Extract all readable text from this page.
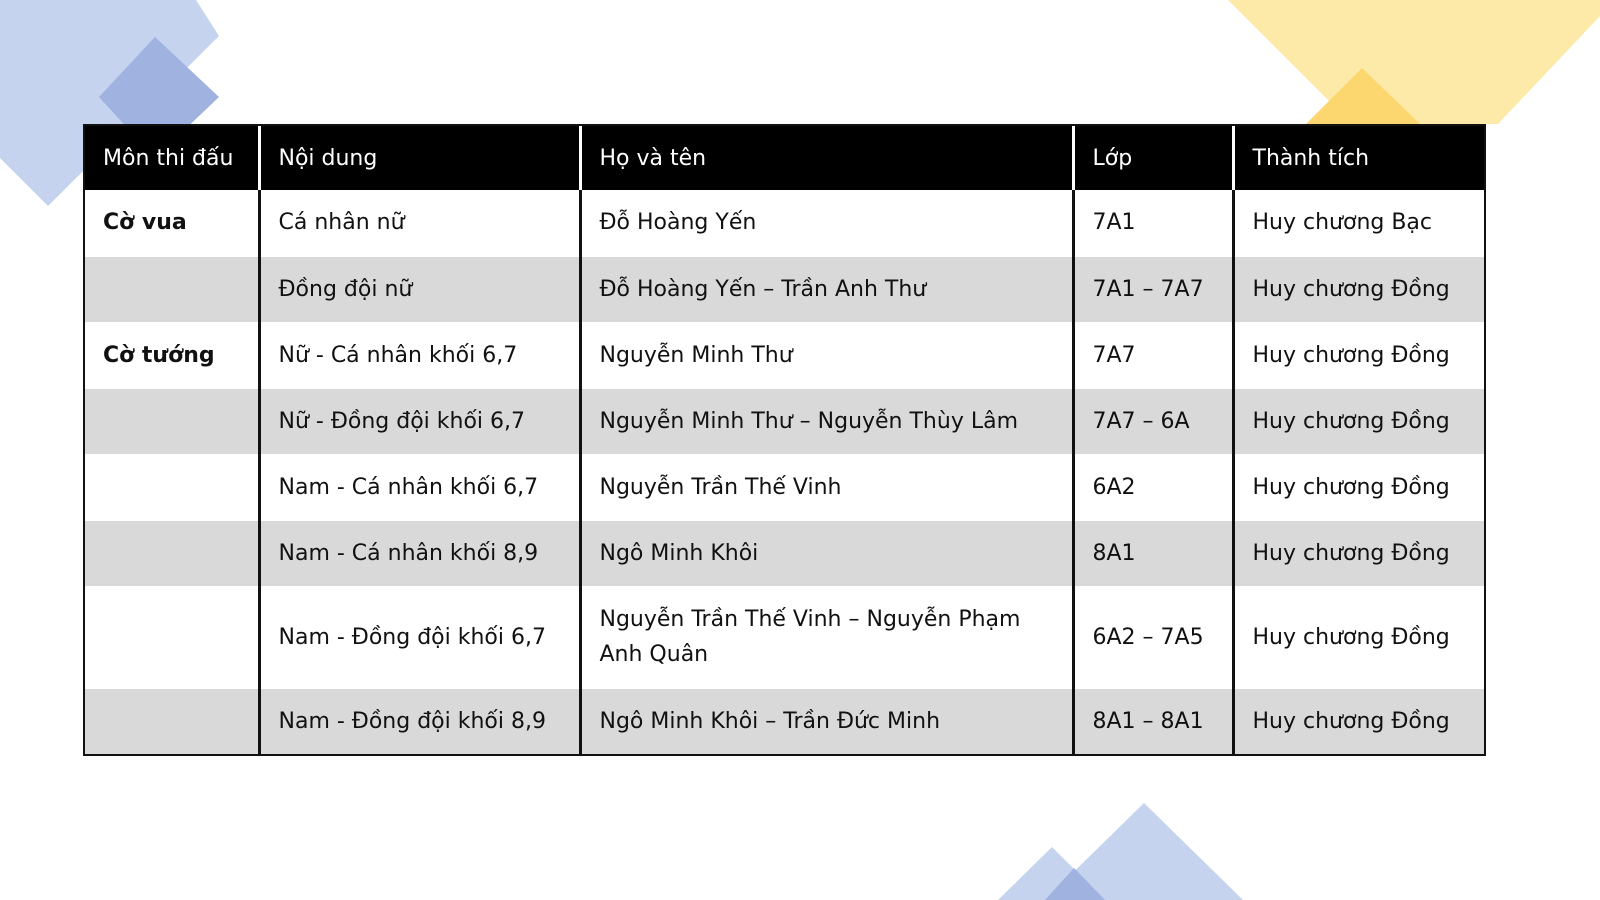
Môn thi đấu	Nội dung	Họ và tên	Lớp	Thành tích
Cờ vua	Cá nhân nữ	Đỗ Hoàng Yến	7A1	Huy chương Bạc
	Đồng đội nữ	Đỗ Hoàng Yến – Trần Anh Thư	7A1 – 7A7	Huy chương Đồng
Cờ tướng	Nữ - Cá nhân khối 6,7	Nguyễn Minh Thư	7A7	Huy chương Đồng
	Nữ - Đồng đội khối 6,7	Nguyễn Minh Thư – Nguyễn Thùy Lâm	7A7 – 6A	Huy chương Đồng
	Nam - Cá nhân khối 6,7	Nguyễn Trần Thế Vinh	6A2	Huy chương Đồng
	Nam - Cá nhân khối 8,9	Ngô Minh Khôi	8A1	Huy chương Đồng
	Nam - Đồng đội khối 6,7	Nguyễn Trần Thế Vinh – Nguyễn Phạm Anh Quân	6A2 – 7A5	Huy chương Đồng
	Nam - Đồng đội khối 8,9	Ngô Minh Khôi – Trần Đức Minh	8A1 – 8A1	Huy chương Đồng
